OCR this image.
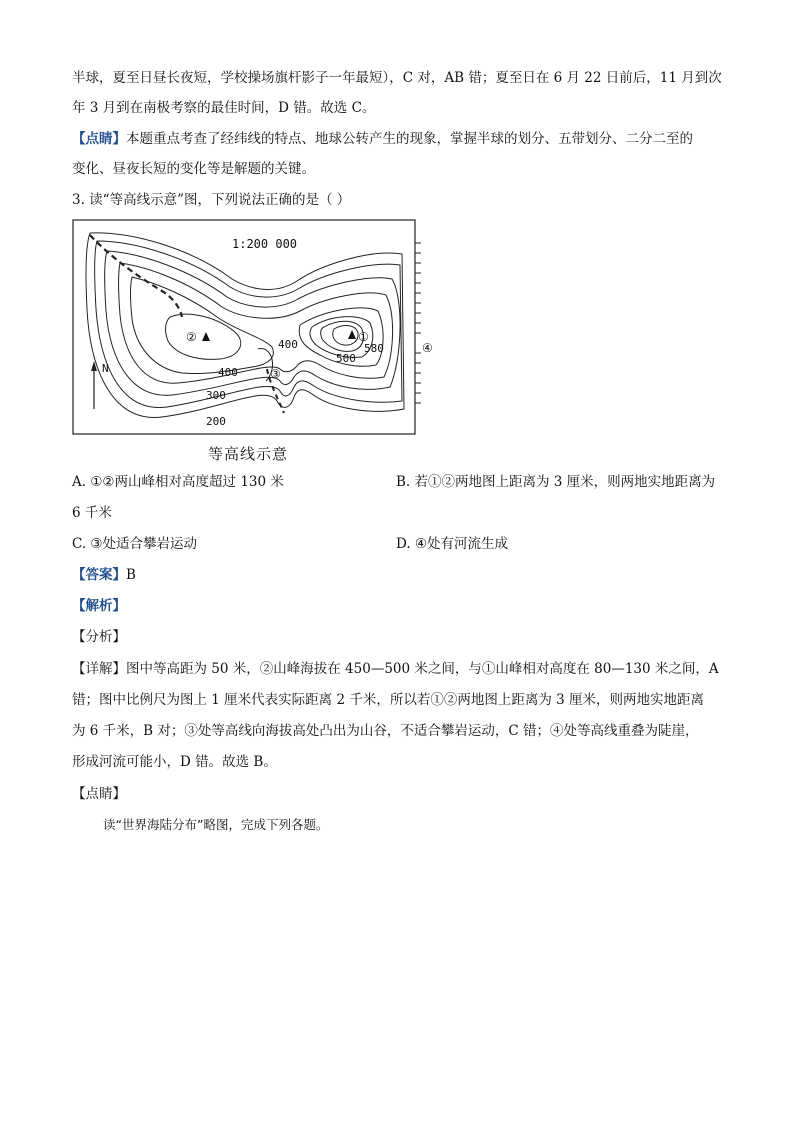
半球，夏至日昼长夜短，学校操场旗杆影子一年最短），C 对，AB 错；夏至日在 6 月 22 日前后，11 月到次
年 3 月到在南极考察的最佳时间，D 错。故选 C。
【点睛】本题重点考查了经纬线的特点、地球公转产生的现象，掌握半球的划分、五带划分、二分二至的
变化、昼夜长短的变化等是解题的关键。
3. 读“等高线示意”图，下列说法正确的是（ ）
N
1:200 000
②	①
③
④
580
500
400
400
300
200
等高线示意
A. ①②两山峰相对高度超过 130 米	B. 若①②两地图上距离为 3 厘米，则两地实地距离为
6 千米
C. ③处适合攀岩运动	D. ④处有河流生成
【答案】B
【解析】
【分析】
【详解】图中等高距为 50 米，②山峰海拔在 450—500 米之间，与①山峰相对高度在 80—130 米之间，A
错；图中比例尺为图上 1 厘米代表实际距离 2 千米，所以若①②两地图上距离为 3 厘米，则两地实地距离
为 6 千米，B 对；③处等高线向海拔高处凸出为山谷，不适合攀岩运动，C 错；④处等高线重叠为陡崖，
形成河流可能小，D 错。故选 B。
【点睛】
读“世界海陆分布”略图，完成下列各题。
